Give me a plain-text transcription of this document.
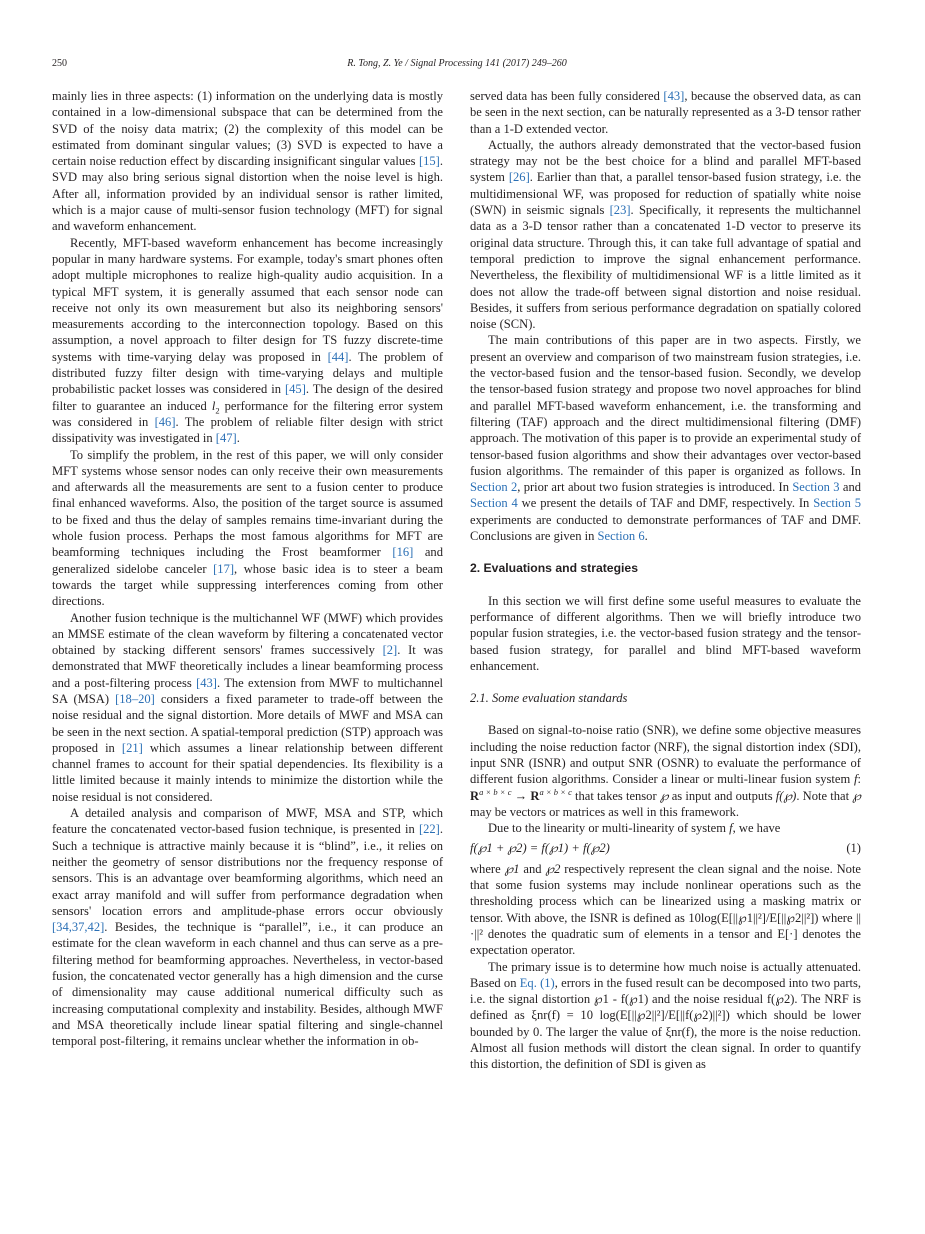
250	R. Tong, Z. Ye / Signal Processing 141 (2017) 249–260

mainly lies in three aspects: (1) information on the underlying data is mostly contained in a low-dimensional subspace that can be determined from the SVD of the noisy data matrix; (2) the complexity of this model can be estimated from dominant singular values; (3) SVD is expected to have a certain noise reduction effect by discarding insignificant singular values [15]. SVD may also bring serious signal distortion when the noise level is high. After all, information provided by an individual sensor is rather limited, which is a major cause of multi-sensor fusion technology (MFT) for signal and waveform enhancement.

Recently, MFT-based waveform enhancement has become increasingly popular in many hardware systems. For example, today's smart phones often adopt multiple microphones to realize high-quality audio acquisition. In a typical MFT system, it is generally assumed that each sensor node can receive not only its own measurement but also its neighboring sensors' measurements according to the interconnection topology. Based on this assumption, a novel approach to filter design for TS fuzzy discrete-time systems with time-varying delay was proposed in [44]. The problem of distributed fuzzy filter design with time-varying delays and multiple probabilistic packet losses was considered in [45]. The design of the desired filter to guarantee an induced $l_2$ performance for the filtering error system was considered in [46]. The problem of reliable filter design with strict dissipativity was investigated in [47].

To simplify the problem, in the rest of this paper, we will only consider MFT systems whose sensor nodes can only receive their own measurements and afterwards all the measurements are sent to a fusion center to produce final enhanced waveforms. Also, the position of the target source is assumed to be fixed and thus the delay of samples remains time-invariant during the whole fusion process. Perhaps the most famous algorithms for MFT are beamforming techniques including the Frost beamformer [16] and generalized sidelobe canceler [17], whose basic idea is to steer a beam towards the target while suppressing interferences coming from other directions.

Another fusion technique is the multichannel WF (MWF) which provides an MMSE estimate of the clean waveform by filtering a concatenated vector obtained by stacking different sensors' frames successively [2]. It was demonstrated that MWF theoretically includes a linear beamforming process and a post-filtering process [43]. The extension from MWF to multichannel SA (MSA) [18–20] considers a fixed parameter to trade-off between the noise residual and the signal distortion. More details of MWF and MSA can be seen in the next section. A spatial-temporal prediction (STP) approach was proposed in [21] which assumes a linear relationship between different channel frames to account for their spatial dependencies. Its flexibility is a little limited because it mainly intends to minimize the distortion while the noise residual is not considered.

A detailed analysis and comparison of MWF, MSA and STP, which feature the concatenated vector-based fusion technique, is presented in [22]. Such a technique is attractive mainly because it is “blind”, i.e., it relies on neither the geometry of sensor distributions nor the frequency response of sensors. This is an advantage over beamforming algorithms, which need an exact array manifold and will suffer from performance degradation when sensors' location errors and amplitude-phase errors occur obviously [34,37,42]. Besides, the technique is “parallel”, i.e., it can produce an estimate for the clean waveform in each channel and thus can serve as a pre-filtering method for beamforming approaches. Nevertheless, in vector-based fusion, the concatenated vector generally has a high dimension and the curse of dimensionality may cause additional numerical difficulty such as increasing computational complexity and instability. Besides, although MWF and MSA theoretically include linear spatial filtering and single-channel temporal post-filtering, it remains unclear whether the information in ob-

served data has been fully considered [43], because the observed data, as can be seen in the next section, can be naturally represented as a 3-D tensor rather than a 1-D extended vector.

Actually, the authors already demonstrated that the vector-based fusion strategy may not be the best choice for a blind and parallel MFT-based system [26]. Earlier than that, a parallel tensor-based fusion strategy, i.e. the multidimensional WF, was proposed for reduction of spatially white noise (SWN) in seismic signals [23]. Specifically, it represents the multichannel data as a 3-D tensor rather than a concatenated 1-D vector to preserve its original data structure. Through this, it can take full advantage of spatial and temporal prediction to improve the signal enhancement performance. Nevertheless, the flexibility of multidimensional WF is a little limited as it does not allow the trade-off between signal distortion and noise residual. Besides, it suffers from serious performance degradation on spatially colored noise (SCN).

The main contributions of this paper are in two aspects. Firstly, we present an overview and comparison of two mainstream fusion strategies, i.e. the vector-based fusion and the tensor-based fusion. Secondly, we develop the tensor-based fusion strategy and propose two novel approaches for blind and parallel MFT-based waveform enhancement, i.e. the transforming and filtering (TAF) approach and the direct multidimensional filtering (DMF) approach. The motivation of this paper is to provide an experimental study of tensor-based fusion algorithms and show their advantages over vector-based fusion algorithms. The remainder of this paper is organized as follows. In Section 2, prior art about two fusion strategies is introduced. In Section 3 and Section 4 we present the details of TAF and DMF, respectively. In Section 5 experiments are conducted to demonstrate performances of TAF and DMF. Conclusions are given in Section 6.

2. Evaluations and strategies

In this section we will first define some useful measures to evaluate the performance of different algorithms. Then we will briefly introduce two popular fusion strategies, i.e. the vector-based fusion strategy and the tensor-based fusion strategy, for parallel and blind MFT-based waveform enhancement.

2.1. Some evaluation standards

Based on signal-to-noise ratio (SNR), we define some objective measures including the noise reduction factor (NRF), the signal distortion index (SDI), input SNR (ISNR) and output SNR (OSNR) to evaluate the performance of different fusion algorithms. Consider a linear or multi-linear fusion system f: $R^{a \times b \times c} \to R^{a \times b \times c}$ that takes tensor ℘ as input and outputs f(℘). Note that ℘ may be vectors or matrices as well in this framework.

Due to the linearity or multi-linearity of system f, we have

f(℘1 + ℘2) = f(℘1) + f(℘2)	(1)

where ℘1 and ℘2 respectively represent the clean signal and the noise. Note that some fusion systems may include nonlinear operations such as the thresholding process which can be linearized using a masking matrix or tensor. With above, the ISNR is defined as 10log(E[||℘1||²]/E[||℘2||²]) where ||·||² denotes the quadratic sum of elements in a tensor and E[·] denotes the expectation operator.

The primary issue is to determine how much noise is actually attenuated. Based on Eq. (1), errors in the fused result can be decomposed into two parts, i.e. the signal distortion ℘1 - f(℘1) and the noise residual f(℘2). The NRF is defined as ξnr(f) = 10 log(E[||℘2||²]/E[||f(℘2)||²]) which should be lower bounded by 0. The larger the value of ξnr(f), the more is the noise reduction. Almost all fusion methods will distort the clean signal. In order to quantify this distortion, the definition of SDI is given as
